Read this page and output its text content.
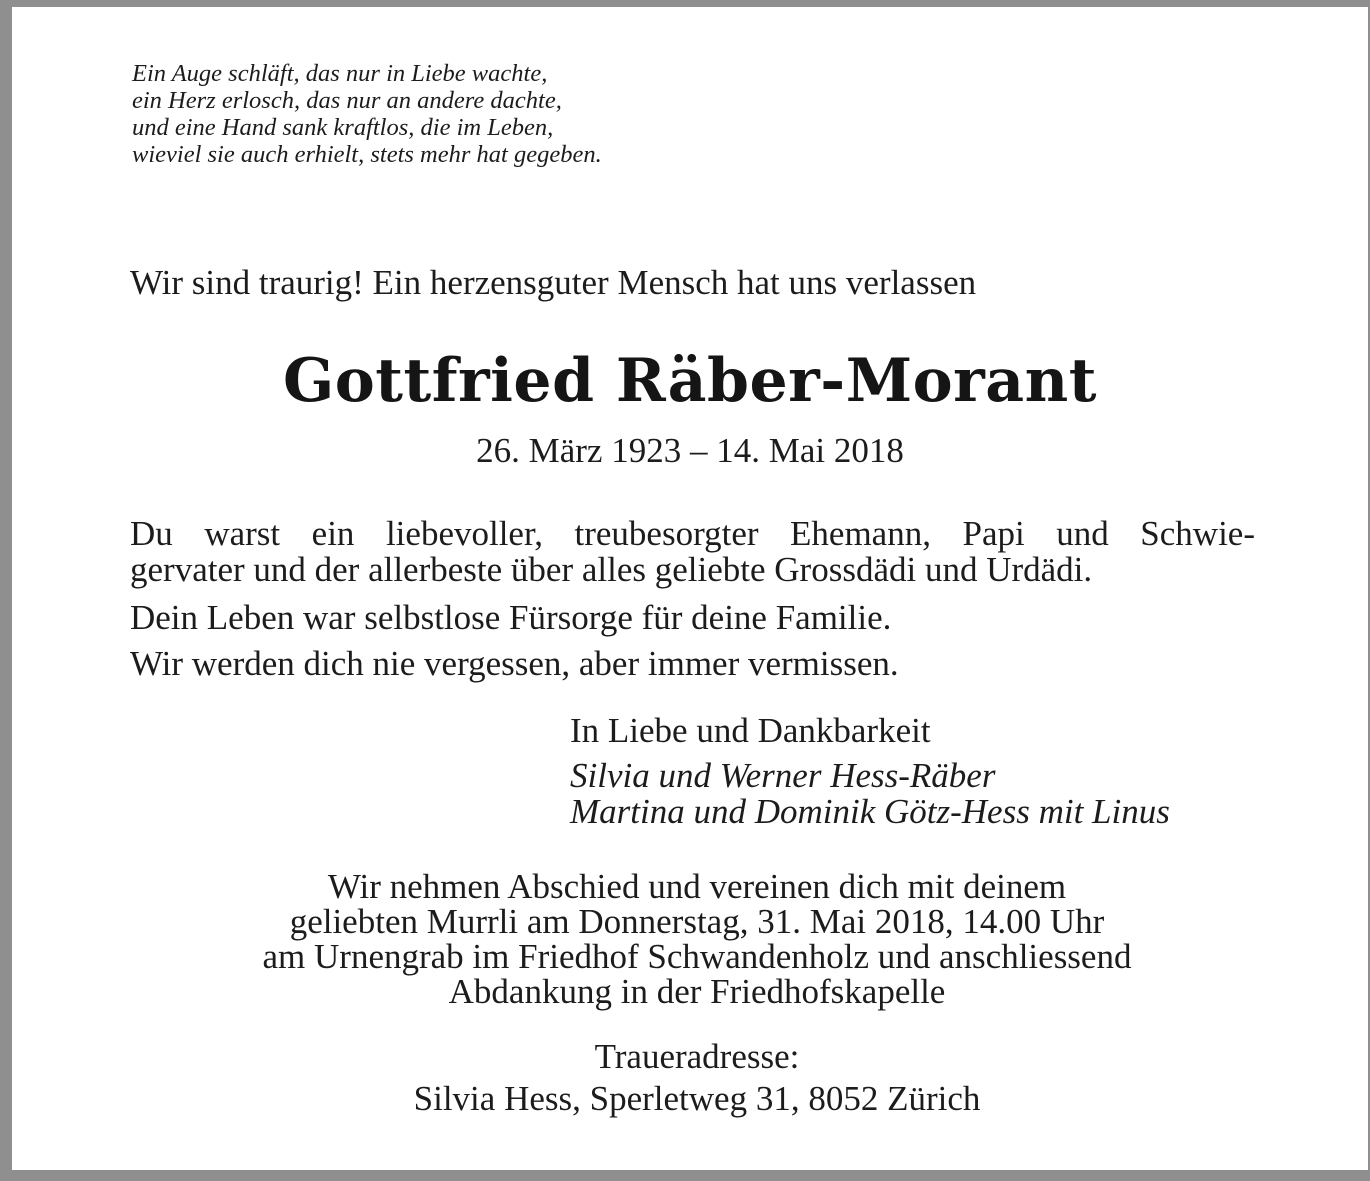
Ein Auge schläft, das nur in Liebe wachte,
ein Herz erlosch, das nur an andere dachte,
und eine Hand sank kraftlos, die im Leben,
wieviel sie auch erhielt, stets mehr hat gegeben.

Wir sind traurig! Ein herzensguter Mensch hat uns verlassen

Gottfried Räber-Morant

26. März 1923 – 14. Mai 2018

Du warst ein liebevoller, treubesorgter Ehemann, Papi und Schwie-
gervater und der allerbeste über alles geliebte Grossdädi und Urdädi.

Dein Leben war selbstlose Fürsorge für deine Familie.

Wir werden dich nie vergessen, aber immer vermissen.

In Liebe und Dankbarkeit

Silvia und Werner Hess-Räber
Martina und Dominik Götz-Hess mit Linus
Wir nehmen Abschied und vereinen dich mit deinem
geliebten Murrli am Donnerstag, 31. Mai 2018, 14.00 Uhr
am Urnengrab im Friedhof Schwandenholz und anschliessend
Abdankung in der Friedhofskapelle

Traueradresse:

Silvia Hess, Sperletweg 31, 8052 Zürich
